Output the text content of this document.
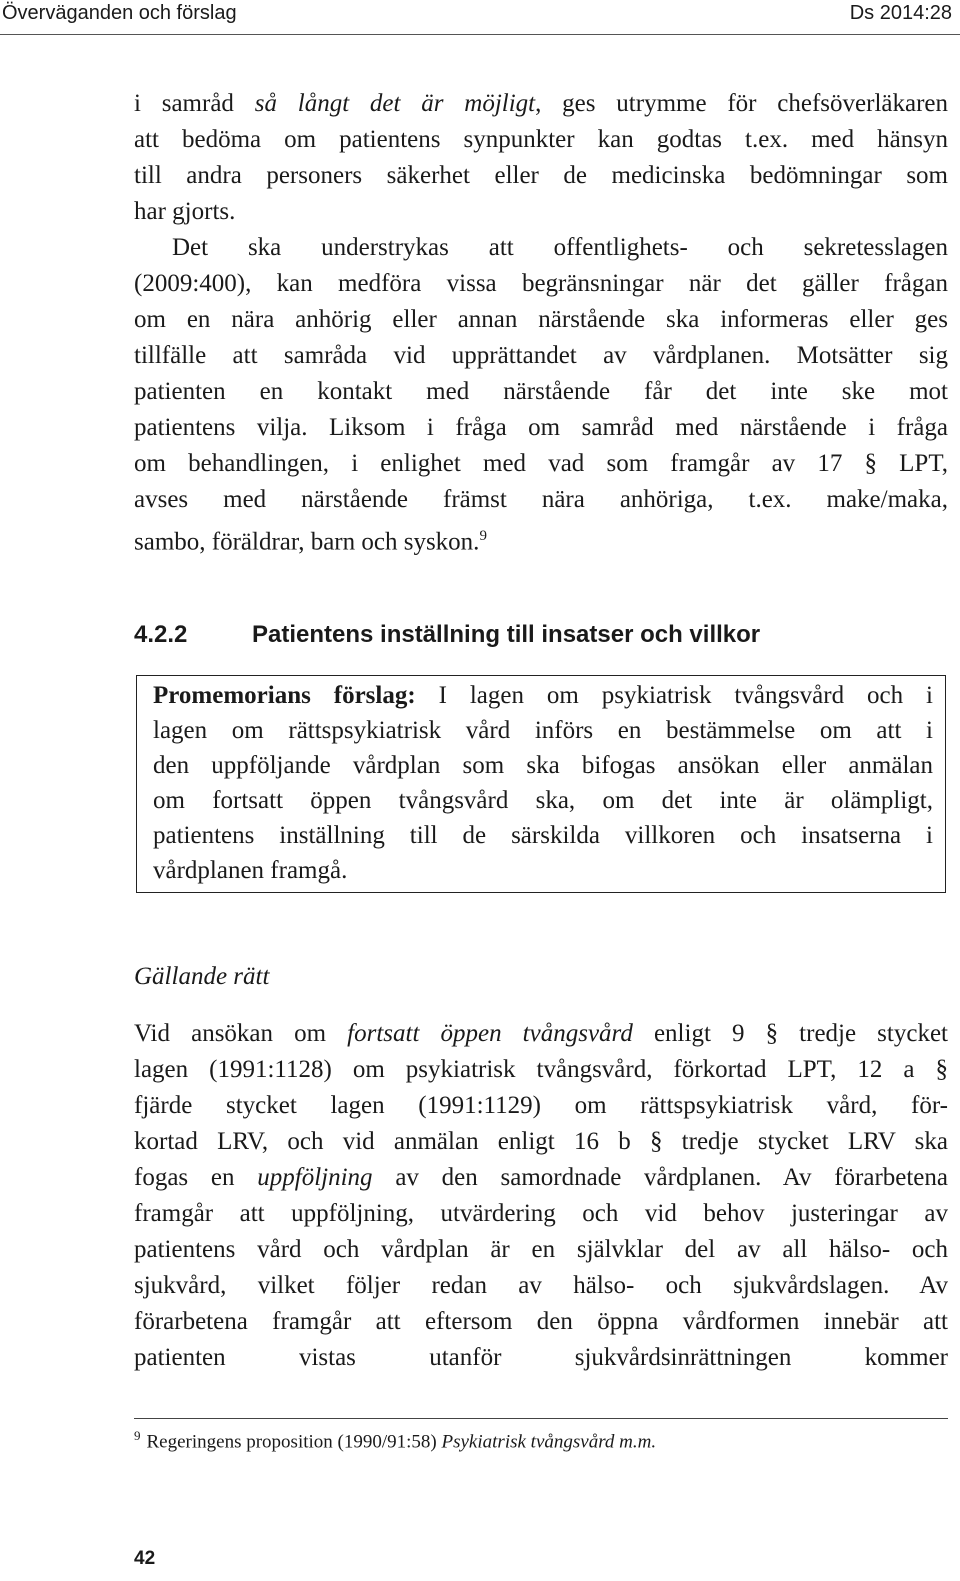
Överväganden och förslag	Ds 2014:28
i samråd så långt det är möjligt, ges utrymme för chefsöverläkaren
att bedöma om patientens synpunkter kan godtas t.ex. med hänsyn
till andra personers säkerhet eller de medicinska bedömningar som
har gjorts.
Det ska understrykas att offentlighets- och sekretesslagen
(2009:400), kan medföra vissa begränsningar när det gäller frågan
om en nära anhörig eller annan närstående ska informeras eller ges
tillfälle att samråda vid upprättandet av vårdplanen. Motsätter sig
patienten en kontakt med närstående får det inte ske mot
patientens vilja. Liksom i fråga om samråd med närstående i fråga
om behandlingen, i enlighet med vad som framgår av 17 § LPT,
avses med närstående främst nära anhöriga, t.ex. make/maka,
sambo, föräldrar, barn och syskon.$^9$
4.2.2	Patientens inställning till insatser och villkor
Promemorians förslag: I lagen om psykiatrisk tvångsvård och i
lagen om rättspsykiatrisk vård införs en bestämmelse om att i
den uppföljande vårdplan som ska bifogas ansökan eller anmälan
om fortsatt öppen tvångsvård ska, om det inte är olämpligt,
patientens inställning till de särskilda villkoren och insatserna i
vårdplanen framgå.
Gällande rätt
Vid ansökan om fortsatt öppen tvångsvård enligt 9 § tredje stycket
lagen (1991:1128) om psykiatrisk tvångsvård, förkortad LPT, 12 a §
fjärde stycket lagen (1991:1129) om rättspsykiatrisk vård, för-
kortad LRV, och vid anmälan enligt 16 b § tredje stycket LRV ska
fogas en uppföljning av den samordnade vårdplanen. Av förarbetena
framgår att uppföljning, utvärdering och vid behov justeringar av
patientens vård och vårdplan är en självklar del av all hälso- och
sjukvård, vilket följer redan av hälso- och sjukvårdslagen. Av
förarbetena framgår att eftersom den öppna vårdformen innebär att
patienten vistas utanför sjukvårdsinrättningen kommer
$^9$ Regeringens proposition (1990/91:58) Psykiatrisk tvångsvård m.m.
42
